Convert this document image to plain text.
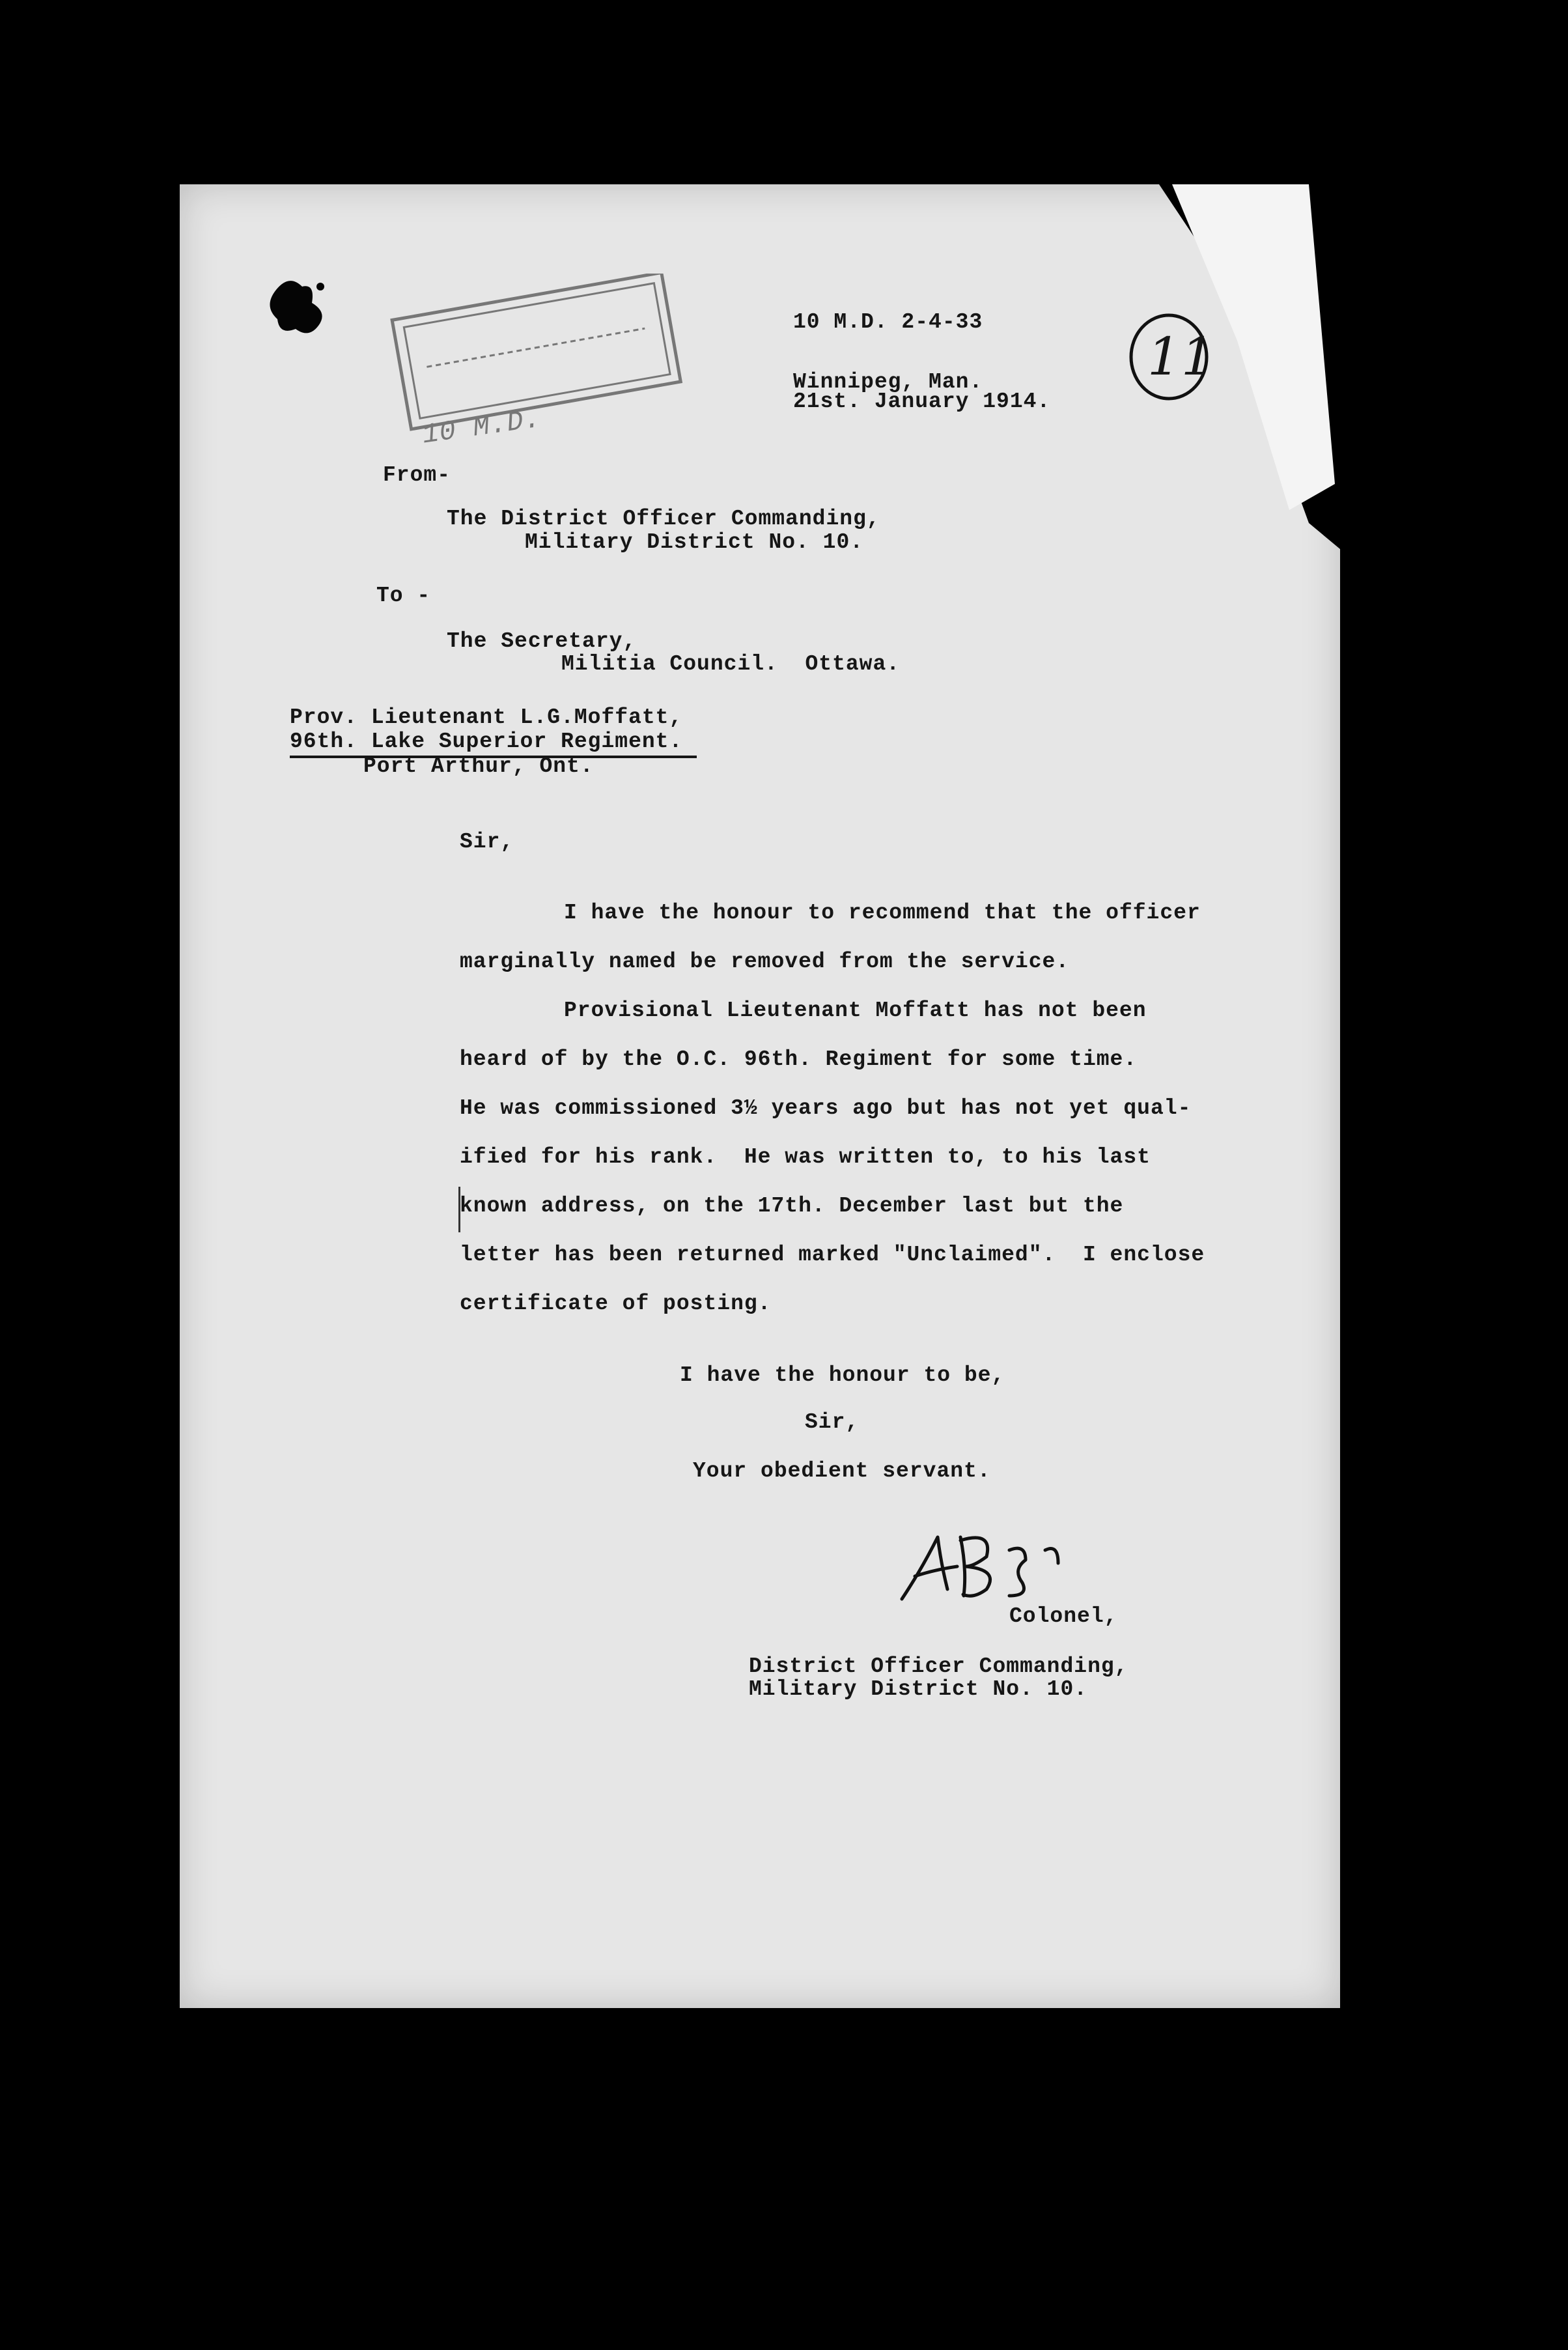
10 M.D.
11
10 M.D. 2-4-33
Winnipeg, Man.
21st. January 1914.
From-
The District Officer Commanding,
Military District No. 10.
To -
The Secretary,
Militia Council.  Ottawa.
Prov. Lieutenant L.G.Moffatt,
96th. Lake Superior Regiment.
Port Arthur, Ont.
Sir,
I have the honour to recommend that the officer
marginally named be removed from the service.
Provisional Lieutenant Moffatt has not been
heard of by the O.C. 96th. Regiment for some time.
He was commissioned 3½ years ago but has not yet qual-
ified for his rank.  He was written to, to his last
known address, on the 17th. December last but the
letter has been returned marked "Unclaimed".  I enclose
certificate of posting.
I have the honour to be,
Sir,
Your obedient servant.
Colonel,
District Officer Commanding,
Military District No. 10.
